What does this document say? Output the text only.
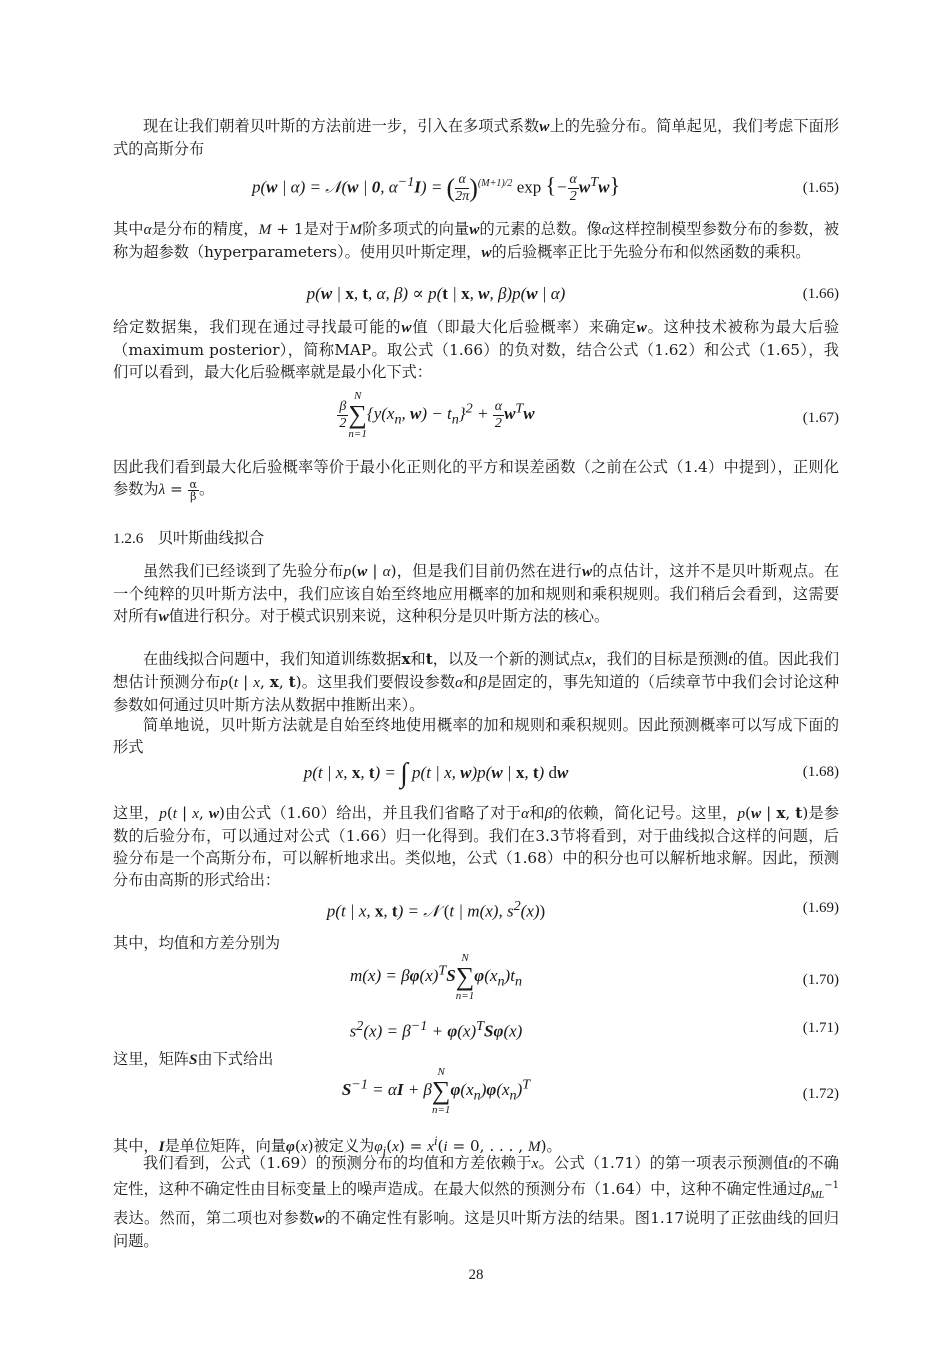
现在让我们朝着贝叶斯的方法前进一步，引入在多项式系数w上的先验分布。简单起见，我们考虑下面形式的高斯分布

p(w | α) = 𝒩(w | 0, $\alpha^{-1}I$) = ( $\frac{\alpha}{2\pi} )^{(M+1)/2}$ exp {− $\frac{\alpha}{2} w^Tw$}	(1.65)

其中α是分布的精度，M + 1是对于M阶多项式的向量w的元素的总数。像α这样控制模型参数分布的参数，被称为超参数（hyperparameters）。使用贝叶斯定理，w的后验概率正比于先验分布和似然函数的乘积。

p(w | x, t, α, β) ∝ p(t | x, w, β)p(w | α)	(1.66)

给定数据集，我们现在通过寻找最可能的w值（即最大化后验概率）来确定w。这种技术被称为最大后验（maximum posterior），简称MAP。取公式（1.66）的负对数，结合公式（1.62）和公式（1.65），我们可以看到，最大化后验概率就是最小化下式：

$\frac{\beta}{2}$
N
∑
n=1
{$y(x_n$, $w) - t_n\}^2 + \frac{\alpha}{2} w^Tw$	(1.67)

因此我们看到最大化后验概率等价于最小化正则化的平方和误差函数（之前在公式（1.4）中提到），正则化参数为$\lambda = \frac{\alpha}{\beta}$ 。

1.2.6 贝叶斯曲线拟合

虽然我们已经谈到了先验分布p(w | α)，但是我们目前仍然在进行w的点估计，这并不是贝叶斯观点。在一个纯粹的贝叶斯方法中，我们应该自始至终地应用概率的加和规则和乘积规则。我们稍后会看到，这需要对所有w值进行积分。对于模式识别来说，这种积分是贝叶斯方法的核心。

在曲线拟合问题中，我们知道训练数据x和t，以及一个新的测试点x，我们的目标是预测t的值。因此我们想估计预测分布p(t | x, x, t)。这里我们要假设参数α和β是固定的，事先知道的（后续章节中我们会讨论这种参数如何通过贝叶斯方法从数据中推断出来）。

简单地说，贝叶斯方法就是自始至终地使用概率的加和规则和乘积规则。因此预测概率可以写成下面的形式

p(t | x, x, t) = ∫ p(t | x, w)p(w | x, t) dw	(1.68)

这里，p(t | x, w)由公式（1.60）给出，并且我们省略了对于α和β的依赖，简化记号。这里，p(w | x, t)是参数的后验分布，可以通过对公式（1.66）归一化得到。我们在3.3节将看到，对于曲线拟合这样的问题，后验分布是一个高斯分布，可以解析地求出。类似地，公式（1.68）中的积分也可以解析地求解。因此，预测分布由高斯的形式给出：

p(t | x, x, t) = 𝒩 (t | m(x), $s^2(x)$)	(1.69)

其中，均值和方差分别为

$m(x) = \beta\varphi(x)^TS$
N
∑
n=1
$\varphi(x_n)t_n$	(1.70)
$s^2(x) = \beta^{-1} + \varphi(x)^TS\varphi(x)$	(1.71)

这里，矩阵S由下式给出

$S^{-1} = \alpha I + \beta$
N
∑
n=1
$\varphi(x_n)\varphi(x_n)^T$
(1.72)

其中，I是单位矩阵，向量φ(x)被定义为$\varphi_i(x) = x^i(i = 0$, . . . , M)。

我们看到，公式（1.69）的预测分布的均值和方差依赖于x。公式（1.71）的第一项表示预测值t的不确定性，这种不确定性由目标变量上的噪声造成。在最大似然的预测分布（1.64）中，这种不确定性通过$\beta_{ML}^{-1}$表达。然而，第二项也对参数w的不确定性有影响。这是贝叶斯方法的结果。图1.17说明了正弦曲线的回归问题。

28
